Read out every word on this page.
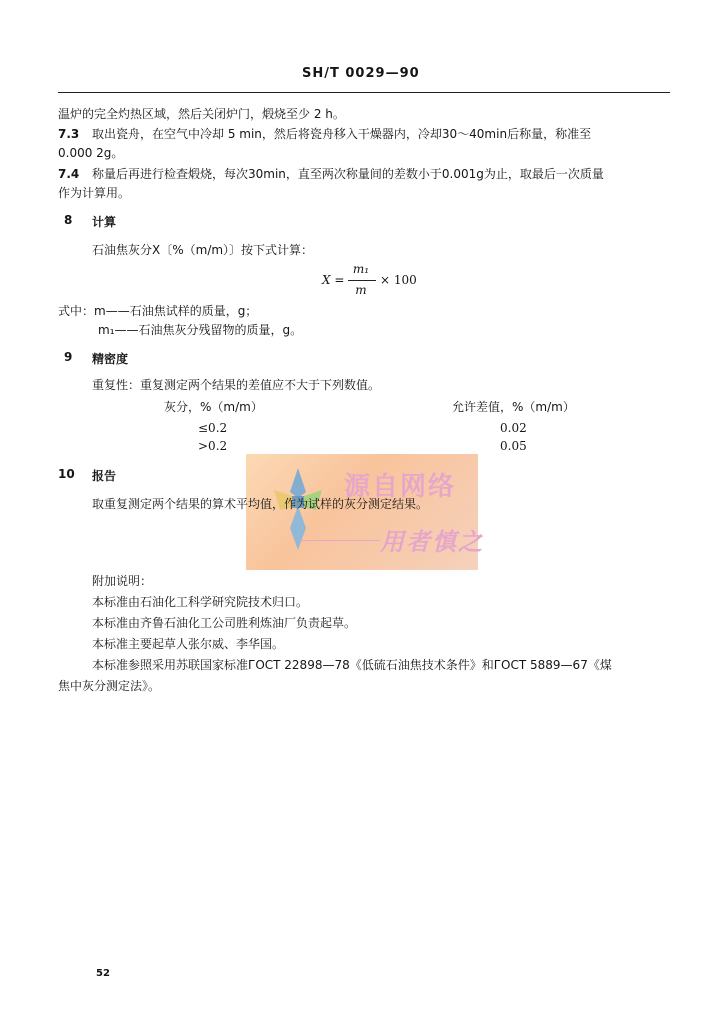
SH/T 0029—90
温炉的完全灼热区域，然后关闭炉门，煅烧至少 2 h。
7.3 取出瓷舟，在空气中冷却 5 min，然后将瓷舟移入干燥器内，冷却30～40min后称量，称准至
0.000 2g。
7.4 称量后再进行检查煅烧，每次30min，直至两次称量间的差数小于0.001g为止，取最后一次质量
作为计算用。
8 计算
石油焦灰分X〔%（m/m）〕按下式计算：
X =
m₁
m
× 100
式中：m——石油焦试样的质量，g；
m₁——石油焦灰分残留物的质量，g。
9 精密度
重复性：重复测定两个结果的差值应不大于下列数值。
灰分，%（m/m）	允许差值，%（m/m）
≤0.2	0.02
>0.2	0.05
源自网络
用者慎之
10 报告
取重复测定两个结果的算术平均值，作为试样的灰分测定结果。
附加说明：
本标准由石油化工科学研究院技术归口。
本标准由齐鲁石油化工公司胜利炼油厂负责起草。
本标准主要起草人张尔威、李华国。
本标准参照采用苏联国家标准ГОСТ 22898—78《低硫石油焦技术条件》和ГОСТ 5889—67《煤
焦中灰分测定法》。
52
